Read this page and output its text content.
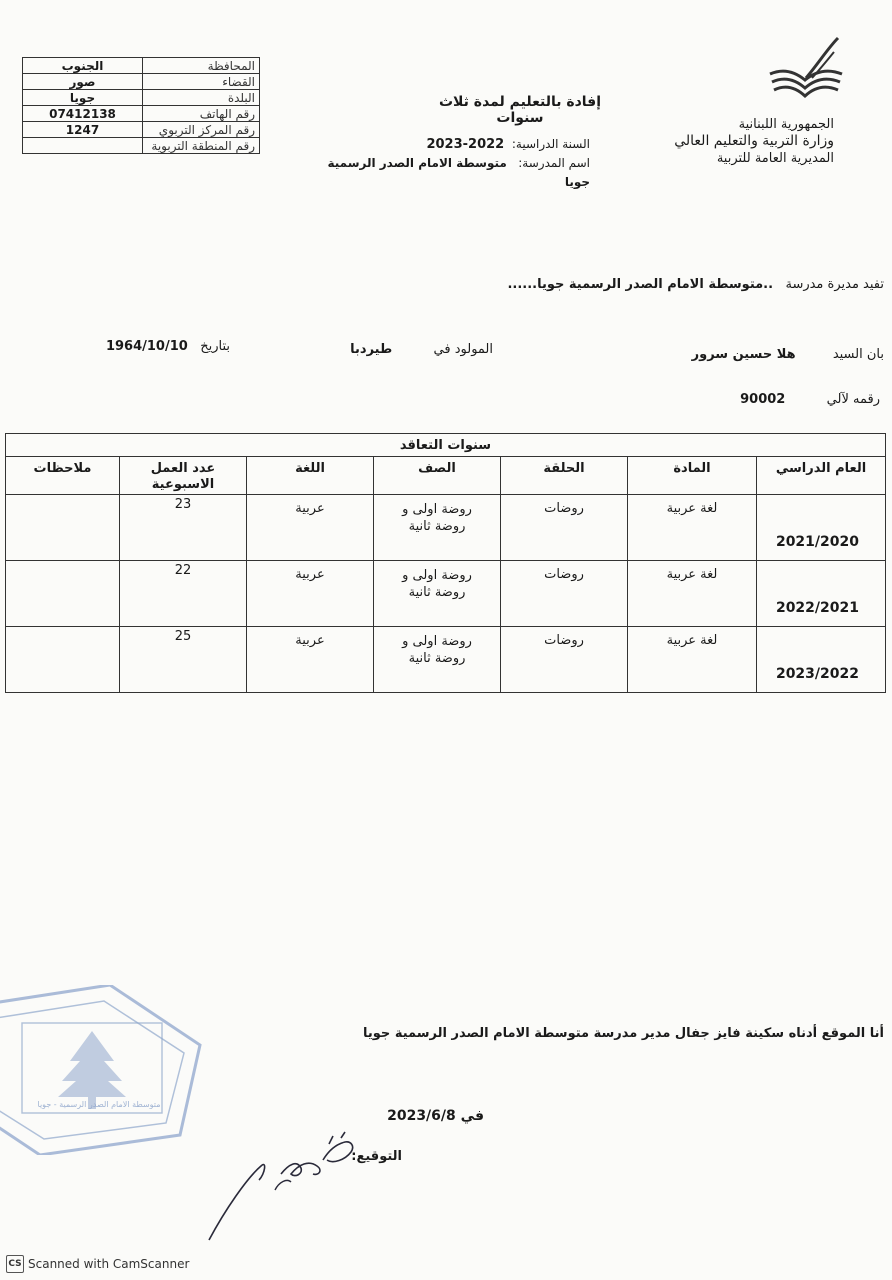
الجمهورية اللبنانية
وزارة التربية والتعليم العالي
المديرية العامة للتربية
إفادة بالتعليم لمدة ثلاث سنوات
السنة الدراسية:  2022-2023
اسم المدرسة:   متوسطة الامام الصدر الرسمية جويا
المحافظة	الجنوب
القضاء	صور
البلدة	جويا
رقم الهاتف	07412138
رقم المركز التربوي	1247
رقم المنطقة التربوية	
تفيد مديرة مدرسة   ..متوسطة الامام الصدر الرسمية جويا......
بان السيد         هلا حسين سرور
المولود في          طيردبا
بتاريخ   1964/10/10
رقمه لآلي          90002
سنوات التعاقد						
العام الدراسي	المادة	الحلقة	الصف	اللغة	عدد العمل الاسبوعية	ملاحظات
2021/2020	لغة عربية	روضات	روضة اولى و روضة ثانية	عربية	23	
2022/2021	لغة عربية	روضات	روضة اولى و روضة ثانية	عربية	22	
2023/2022	لغة عربية	روضات	روضة اولى و روضة ثانية	عربية	25	
أنا الموقع أدناه سكينة فايز جفال مدير مدرسة متوسطة الامام الصدر الرسمية جويا
في 2023/6/8
التوقيع:
متوسطة الامام الصدر الرسمية - جويا
CS Scanned with CamScanner
